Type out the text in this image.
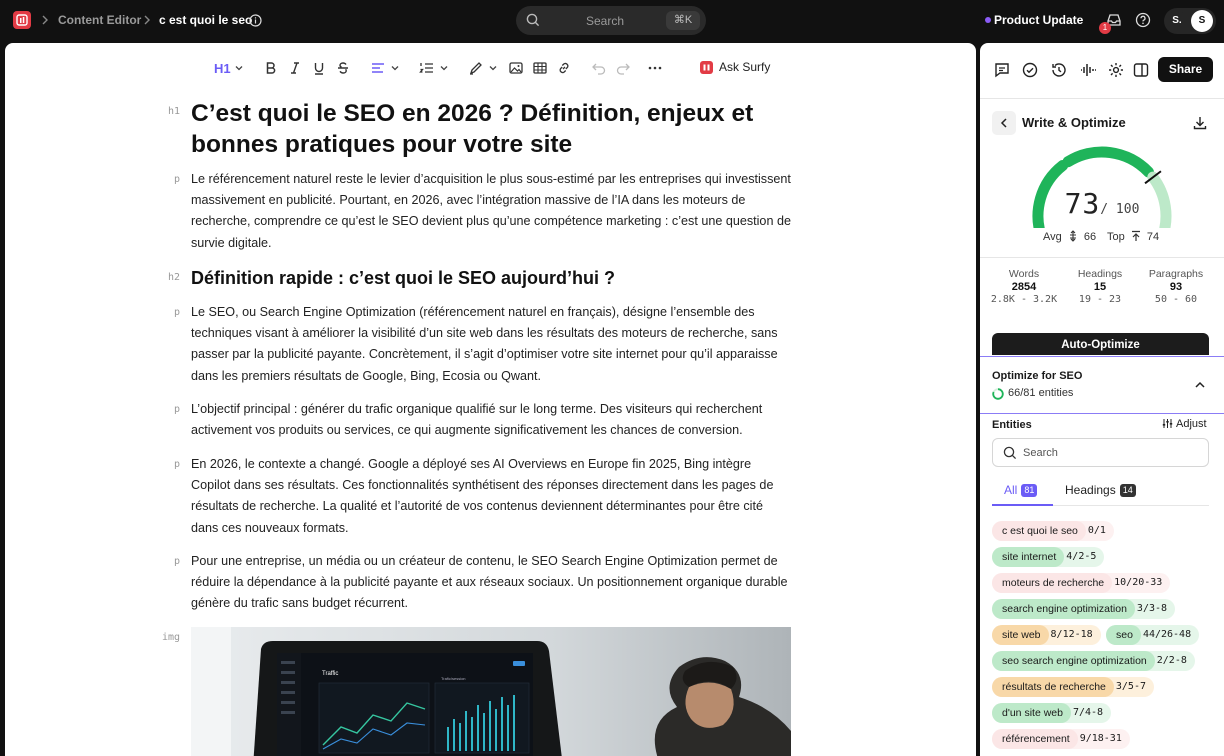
Content Editor c est quoi le seo	Search	⌘K	Product Update
1
S.	S
H1	Ask Surfy
h1 C’est quoi le SEO en 2026 ? Définition, enjeux et bonnes pratiques pour votre site
p Le référencement naturel reste le levier d’acquisition le plus sous-estimé par les entreprises qui investissent massivement en publicité. Pourtant, en 2026, avec l’intégration massive de l’IA dans les moteurs de recherche, comprendre ce qu’est le SEO devient plus qu’une compétence marketing : c’est une question de survie digitale.
h2 Définition rapide : c’est quoi le SEO aujourd’hui ?
p Le SEO, ou Search Engine Optimization (référencement naturel en français), désigne l’ensemble des techniques visant à améliorer la visibilité d’un site web dans les résultats des moteurs de recherche, sans passer par la publicité payante. Concrètement, il s’agit d’optimiser votre site internet pour qu’il apparaisse dans les premiers résultats de Google, Bing, Ecosia ou Qwant.
p L’objectif principal : générer du trafic organique qualifié sur le long terme. Des visiteurs qui recherchent activement vos produits ou services, ce qui augmente significativement les chances de conversion.
p En 2026, le contexte a changé. Google a déployé ses AI Overviews en Europe fin 2025, Bing intègre Copilot dans ses résultats. Ces fonctionnalités synthétisent des réponses directement dans les pages de résultats de recherche. La qualité et l’autorité de vos contenus deviennent déterminantes pour être cité dans ces nouveaux formats.
p Pour une entreprise, un média ou un créateur de contenu, le SEO Search Engine Optimization permet de réduire la dépendance à la publicité payante et aux réseaux sociaux. Un positionnement organique durable génère du trafic sans budget récurrent.
img
Traffic
Trafic/session
Share
Write & Optimize
73/ 100
Avg 66 Top 74
Words
2854
2.8K - 3.2K
Headings
15
19 - 23
Paragraphs
93
50 - 60
Auto-Optimize
Optimize for SEO
66/81 entities
Entities	Adjust
Search
All 81	Headings 14
c est quoi le seo	0/1
site internet	4/2-5
moteurs de recherche	10/20-33
search engine optimization	3/3-8
site web	8/12-18	seo	44/26-48
seo search engine optimization	2/2-8
résultats de recherche	3/5-7
d'un site web	7/4-8
référencement	9/18-31
